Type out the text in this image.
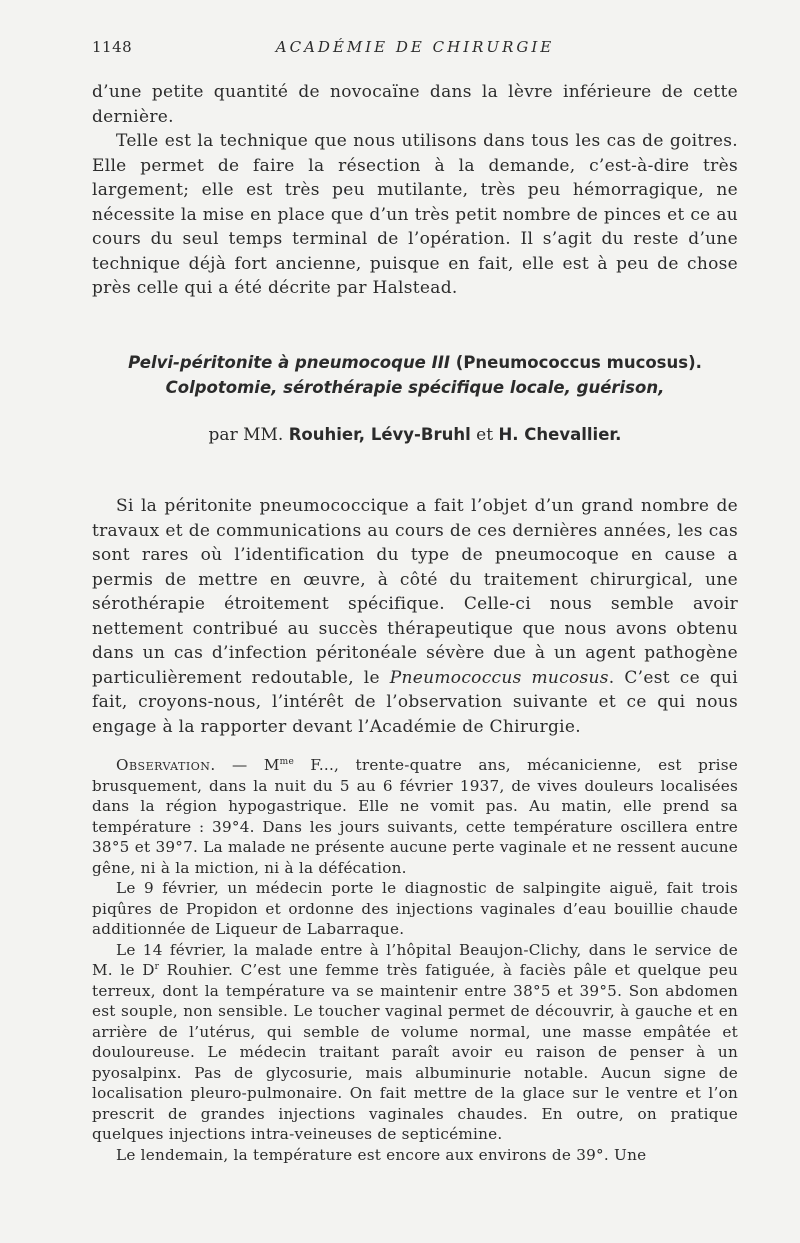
1148	ACADÉMIE DE CHIRURGIE

d’une petite quantité de novocaïne dans la lèvre inférieure de cette dernière.

Telle est la technique que nous utilisons dans tous les cas de goitres. Elle permet de faire la résection à la demande, c’est-à-dire très largement; elle est très peu mutilante, très peu hémorragique, ne nécessite la mise en place que d’un très petit nombre de pinces et ce au cours du seul temps terminal de l’opération. Il s’agit du reste d’une technique déjà fort ancienne, puisque en fait, elle est à peu de chose près celle qui a été décrite par Halstead.

Pelvi-péritonite à pneumocoque III (Pneumococcus mucosus).
Colpotomie, sérothérapie spécifique locale, guérison,
par MM. Rouhier, Lévy-Bruhl et H. Chevallier.

Si la péritonite pneumococcique a fait l’objet d’un grand nombre de travaux et de communications au cours de ces dernières années, les cas sont rares où l’identification du type de pneumocoque en cause a permis de mettre en œuvre, à côté du traitement chirurgical, une sérothérapie étroitement spécifique. Celle-ci nous semble avoir nettement contribué au succès thérapeutique que nous avons obtenu dans un cas d’infection péritonéale sévère due à un agent pathogène particulièrement redoutable, le Pneumococcus mucosus. C’est ce qui fait, croyons-nous, l’intérêt de l’observation suivante et ce qui nous engage à la rapporter devant l’Académie de Chirurgie.

Observation. — $M^{me}$ F..., trente-quatre ans, mécanicienne, est prise brusquement, dans la nuit du 5 au 6 février 1937, de vives douleurs localisées dans la région hypogastrique. Elle ne vomit pas. Au matin, elle prend sa température : 39°4. Dans les jours suivants, cette température oscillera entre 38°5 et 39°7. La malade ne présente aucune perte vaginale et ne ressent aucune gêne, ni à la miction, ni à la défécation.

Le 9 février, un médecin porte le diagnostic de salpingite aiguë, fait trois piqûres de Propidon et ordonne des injections vaginales d’eau bouillie chaude additionnée de Liqueur de Labarraque.

Le 14 février, la malade entre à l’hôpital Beaujon-Clichy, dans le service de M. le $D^r$ Rouhier. C’est une femme très fatiguée, à faciès pâle et quelque peu terreux, dont la température va se maintenir entre 38°5 et 39°5. Son abdomen est souple, non sensible. Le toucher vaginal permet de découvrir, à gauche et en arrière de l’utérus, qui semble de volume normal, une masse empâtée et douloureuse. Le médecin traitant paraît avoir eu raison de penser à un pyosalpinx. Pas de glycosurie, mais albuminurie notable. Aucun signe de localisation pleuro-pulmonaire. On fait mettre de la glace sur le ventre et l’on prescrit de grandes injections vaginales chaudes. En outre, on pratique quelques injections intra-veineuses de septicémine.

Le lendemain, la température est encore aux environs de 39°. Une
